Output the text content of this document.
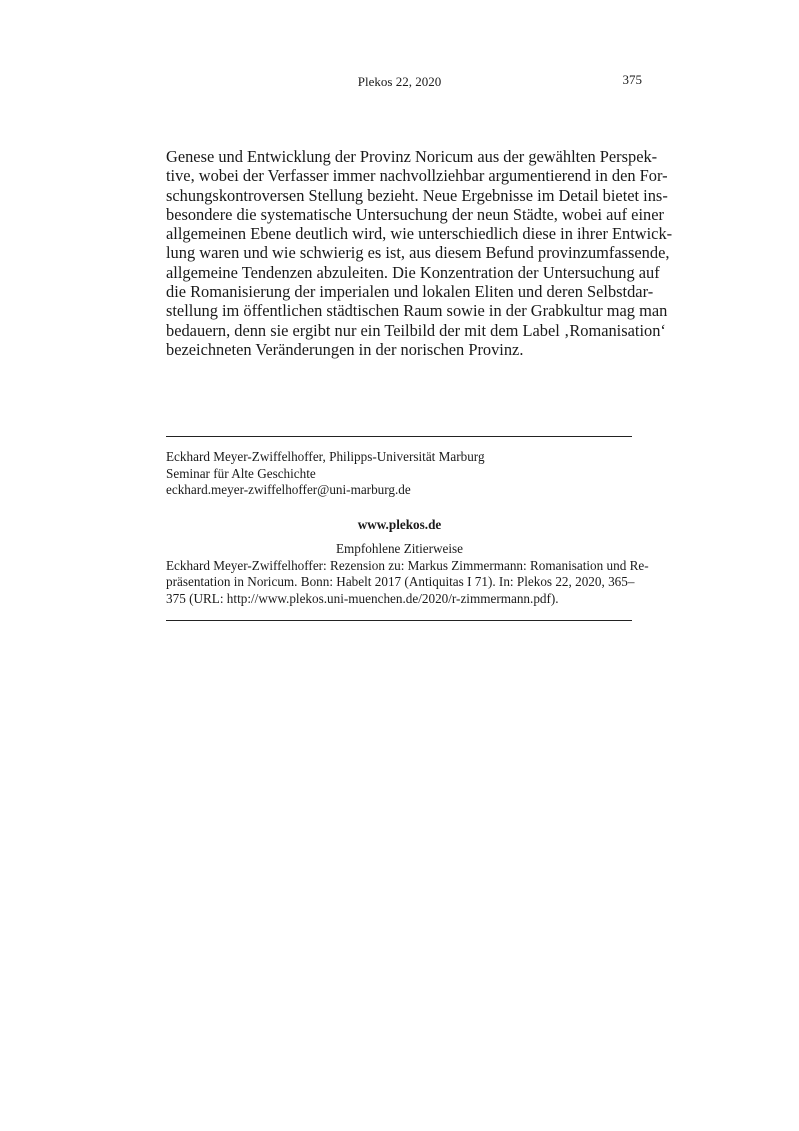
Plekos 22, 2020	375

Genese und Entwicklung der Provinz Noricum aus der gewählten Perspek-
tive, wobei der Verfasser immer nachvollziehbar argumentierend in den For-
schungskontroversen Stellung bezieht. Neue Ergebnisse im Detail bietet ins-
besondere die systematische Untersuchung der neun Städte, wobei auf einer
allgemeinen Ebene deutlich wird, wie unterschiedlich diese in ihrer Entwick-
lung waren und wie schwierig es ist, aus diesem Befund provinzumfassende,
allgemeine Tendenzen abzuleiten. Die Konzentration der Untersuchung auf
die Romanisierung der imperialen und lokalen Eliten und deren Selbstdar-
stellung im öffentlichen städtischen Raum sowie in der Grabkultur mag man
bedauern, denn sie ergibt nur ein Teilbild der mit dem Label ‚Romanisation‘
bezeichneten Veränderungen in der norischen Provinz.

Eckhard Meyer-Zwiffelhoffer, Philipps-Universität Marburg
Seminar für Alte Geschichte
eckhard.meyer-zwiffelhoffer@uni-marburg.de
www.plekos.de
Empfohlene Zitierweise
Eckhard Meyer-Zwiffelhoffer: Rezension zu: Markus Zimmermann: Romanisation und Re-
präsentation in Noricum. Bonn: Habelt 2017 (Antiquitas I 71). In: Plekos 22, 2020, 365–
375 (URL: http://www.plekos.uni-muenchen.de/2020/r-zimmermann.pdf).
